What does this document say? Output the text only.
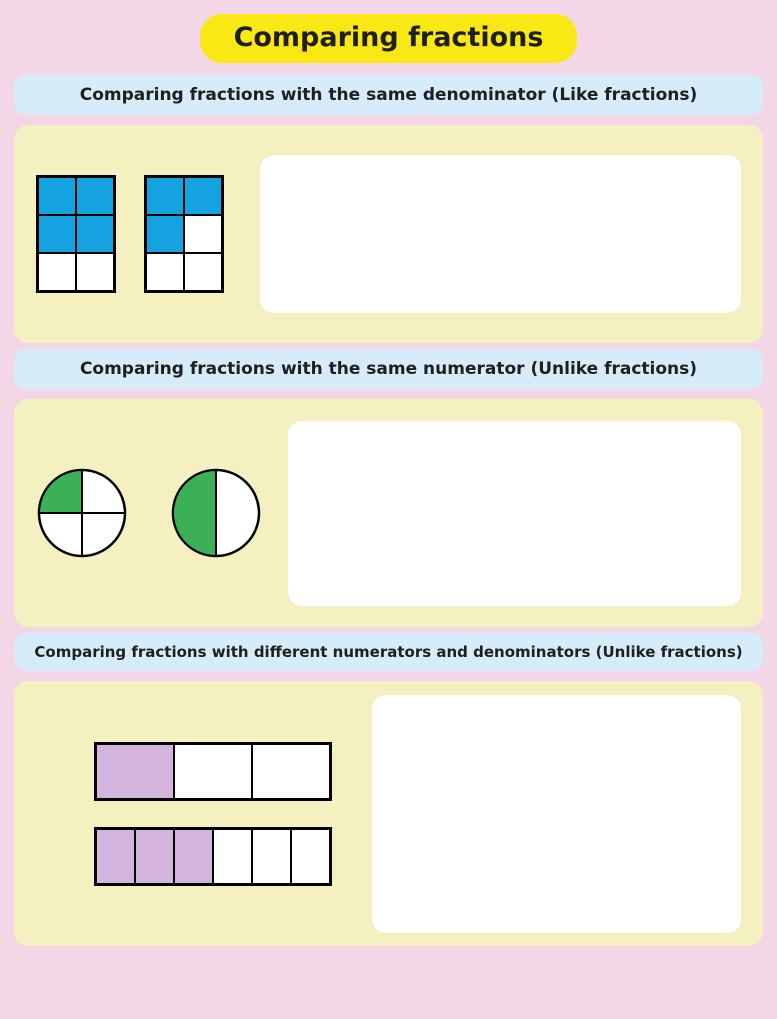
Comparing fractions
Comparing fractions with the same denominator (Like fractions)
Comparing fractions with the same numerator (Unlike fractions)
Comparing fractions with different numerators and denominators (Unlike fractions)
